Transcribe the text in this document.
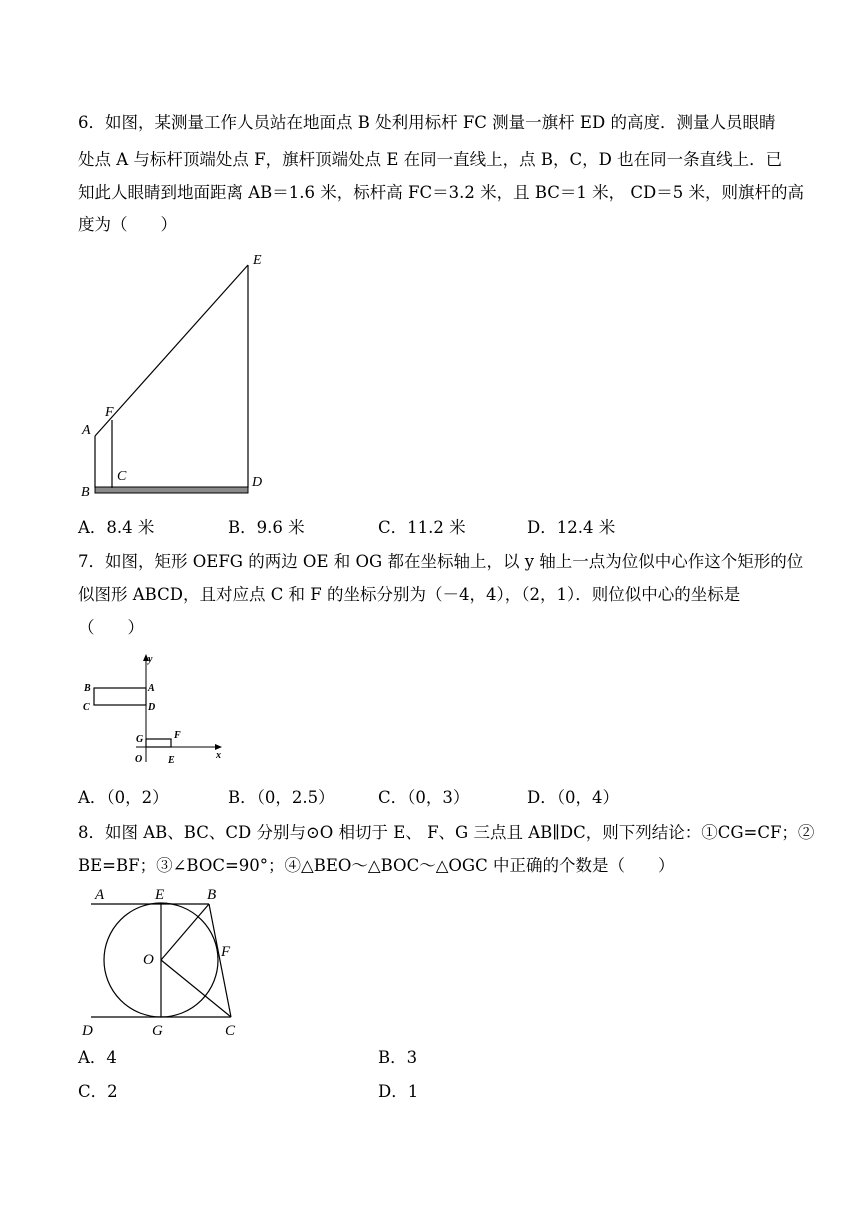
6．如图，某测量工作人员站在地面点 B 处利用标杆 FC 测量一旗杆 ED 的高度．测量人员眼睛
处点 A 与标杆顶端处点 F，旗杆顶端处点 E 在同一直线上，点 B，C，D 也在同一条直线上．已
知此人眼睛到地面距离 AB＝1.6 米，标杆高 FC＝3.2 米，且 BC＝1 米， CD＝5 米，则旗杆的高
度为（　　）
E
F
A
C
B
D
A．8.4 米	B．9.6 米	C．11.2 米	D．12.4 米
7．如图，矩形 OEFG 的两边 OE 和 OG 都在坐标轴上，以 y 轴上一点为位似中心作这个矩形的位
似图形 ABCD，且对应点 C 和 F 的坐标分别为（－4，4），（2，1）．则位似中心的坐标是
（　　）
y
x
B	A
C	D
G	F
O	E
A．（0，2）	B．（0，2.5）	C．（0，3）	D．（0，4）
8．如图 AB、BC、CD 分别与⊙O 相切于 E、 F、G 三点且 AB∥DC，则下列结论：①CG=CF；②
BE=BF；③∠BOC=90°；④△BEO～△BOC～△OGC 中正确的个数是（　　）
A	E	B
O	F
D	G	C
A．4	B．3
C．2	D．1
